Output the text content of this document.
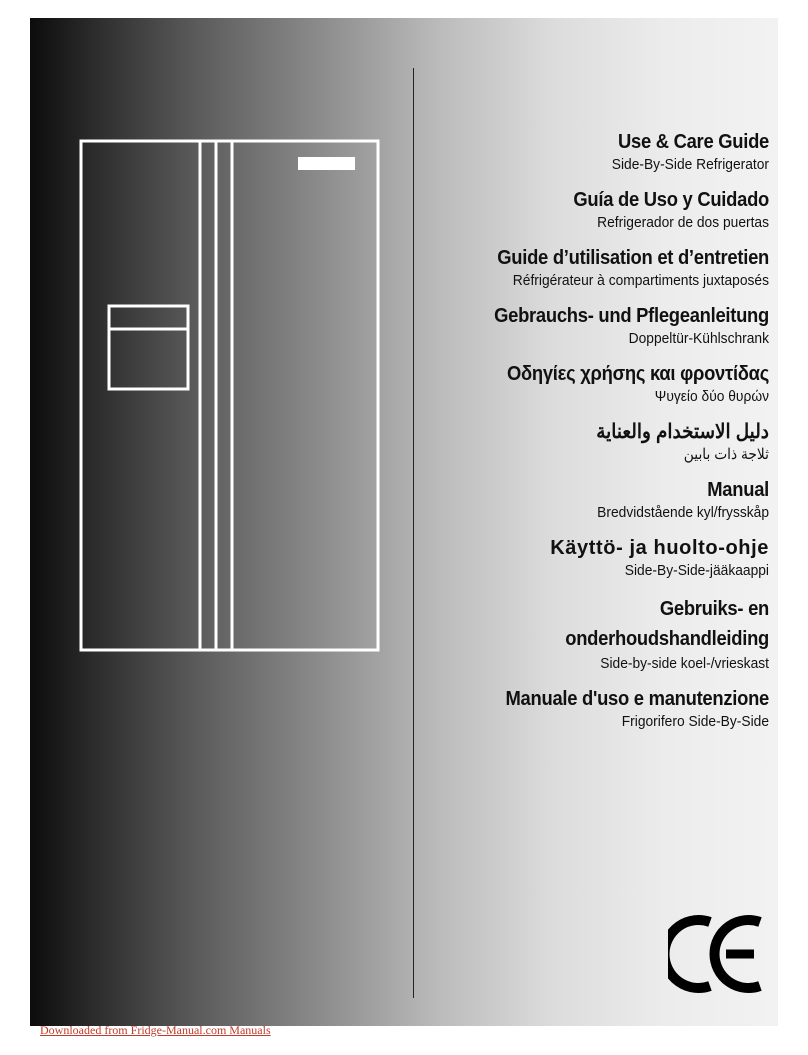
Use & Care Guide
Side-By-Side Refrigerator
Guía de Uso y Cuidado
Refrigerador de dos puertas
Guide d’utilisation et d’entretien
Réfrigérateur à compartiments juxtaposés
Gebrauchs- und Pflegeanleitung
Doppeltür-Kühlschrank
Οδηγίες χρήσης και φροντίδας
Ψυγείο δύο θυρών
دليل الاستخدام والعناية
ثلاجة ذات بابين
Manual
Bredvidstående kyl/frysskåp
Käyttö- ja huolto-ohje
Side-By-Side-jääkaappi
Gebruiks- en onderhoudshandleiding
Side-by-side koel-/vrieskast
Manuale d'uso e manutenzione
Frigorifero Side-By-Side
Downloaded from Fridge-Manual.com Manuals
